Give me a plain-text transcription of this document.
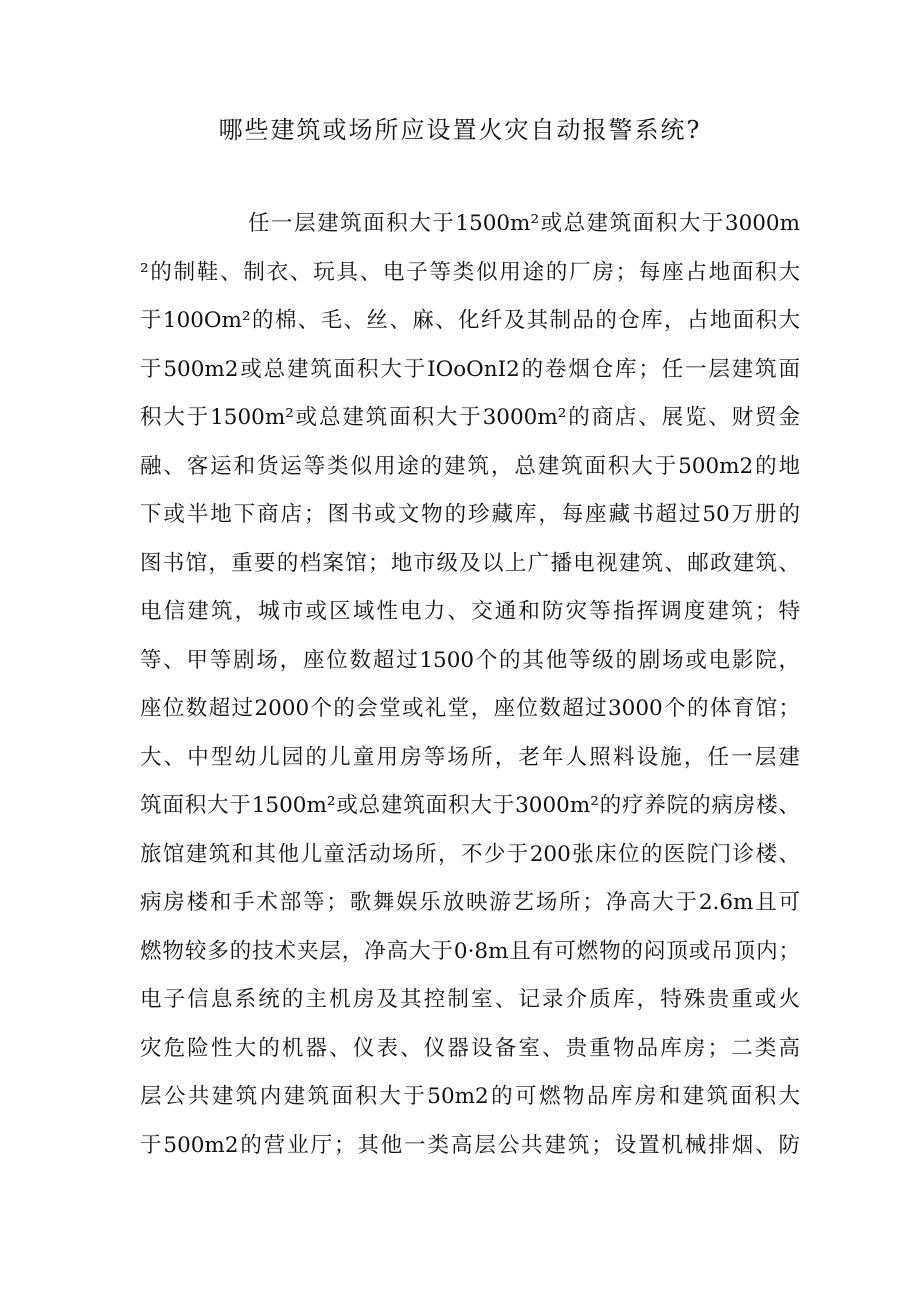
哪些建筑或场所应设置火灾自动报警系统?
任一层建筑面积大于1500m²或总建筑面积大于3000m
²的制鞋、制衣、玩具、电子等类似用途的厂房；每座占地面积大
于100Om²的棉、毛、丝、麻、化纤及其制品的仓库，占地面积大
于500m2或总建筑面积大于IOoOnI2的卷烟仓库；任一层建筑面
积大于1500m²或总建筑面积大于3000m²的商店、展览、财贸金
融、客运和货运等类似用途的建筑，总建筑面积大于500m2的地
下或半地下商店；图书或文物的珍藏库，每座藏书超过50万册的
图书馆，重要的档案馆；地市级及以上广播电视建筑、邮政建筑、
电信建筑，城市或区域性电力、交通和防灾等指挥调度建筑；特
等、甲等剧场，座位数超过1500个的其他等级的剧场或电影院，
座位数超过2000个的会堂或礼堂，座位数超过3000个的体育馆；
大、中型幼儿园的儿童用房等场所，老年人照料设施，任一层建
筑面积大于1500m²或总建筑面积大于3000m²的疗养院的病房楼、
旅馆建筑和其他儿童活动场所，不少于200张床位的医院门诊楼、
病房楼和手术部等；歌舞娱乐放映游艺场所；净高大于2.6m且可
燃物较多的技术夹层，净高大于0·8m且有可燃物的闷顶或吊顶内；
电子信息系统的主机房及其控制室、记录介质库，特殊贵重或火
灾危险性大的机器、仪表、仪器设备室、贵重物品库房；二类高
层公共建筑内建筑面积大于50m2的可燃物品库房和建筑面积大
于500m2的营业厅；其他一类高层公共建筑；设置机械排烟、防
